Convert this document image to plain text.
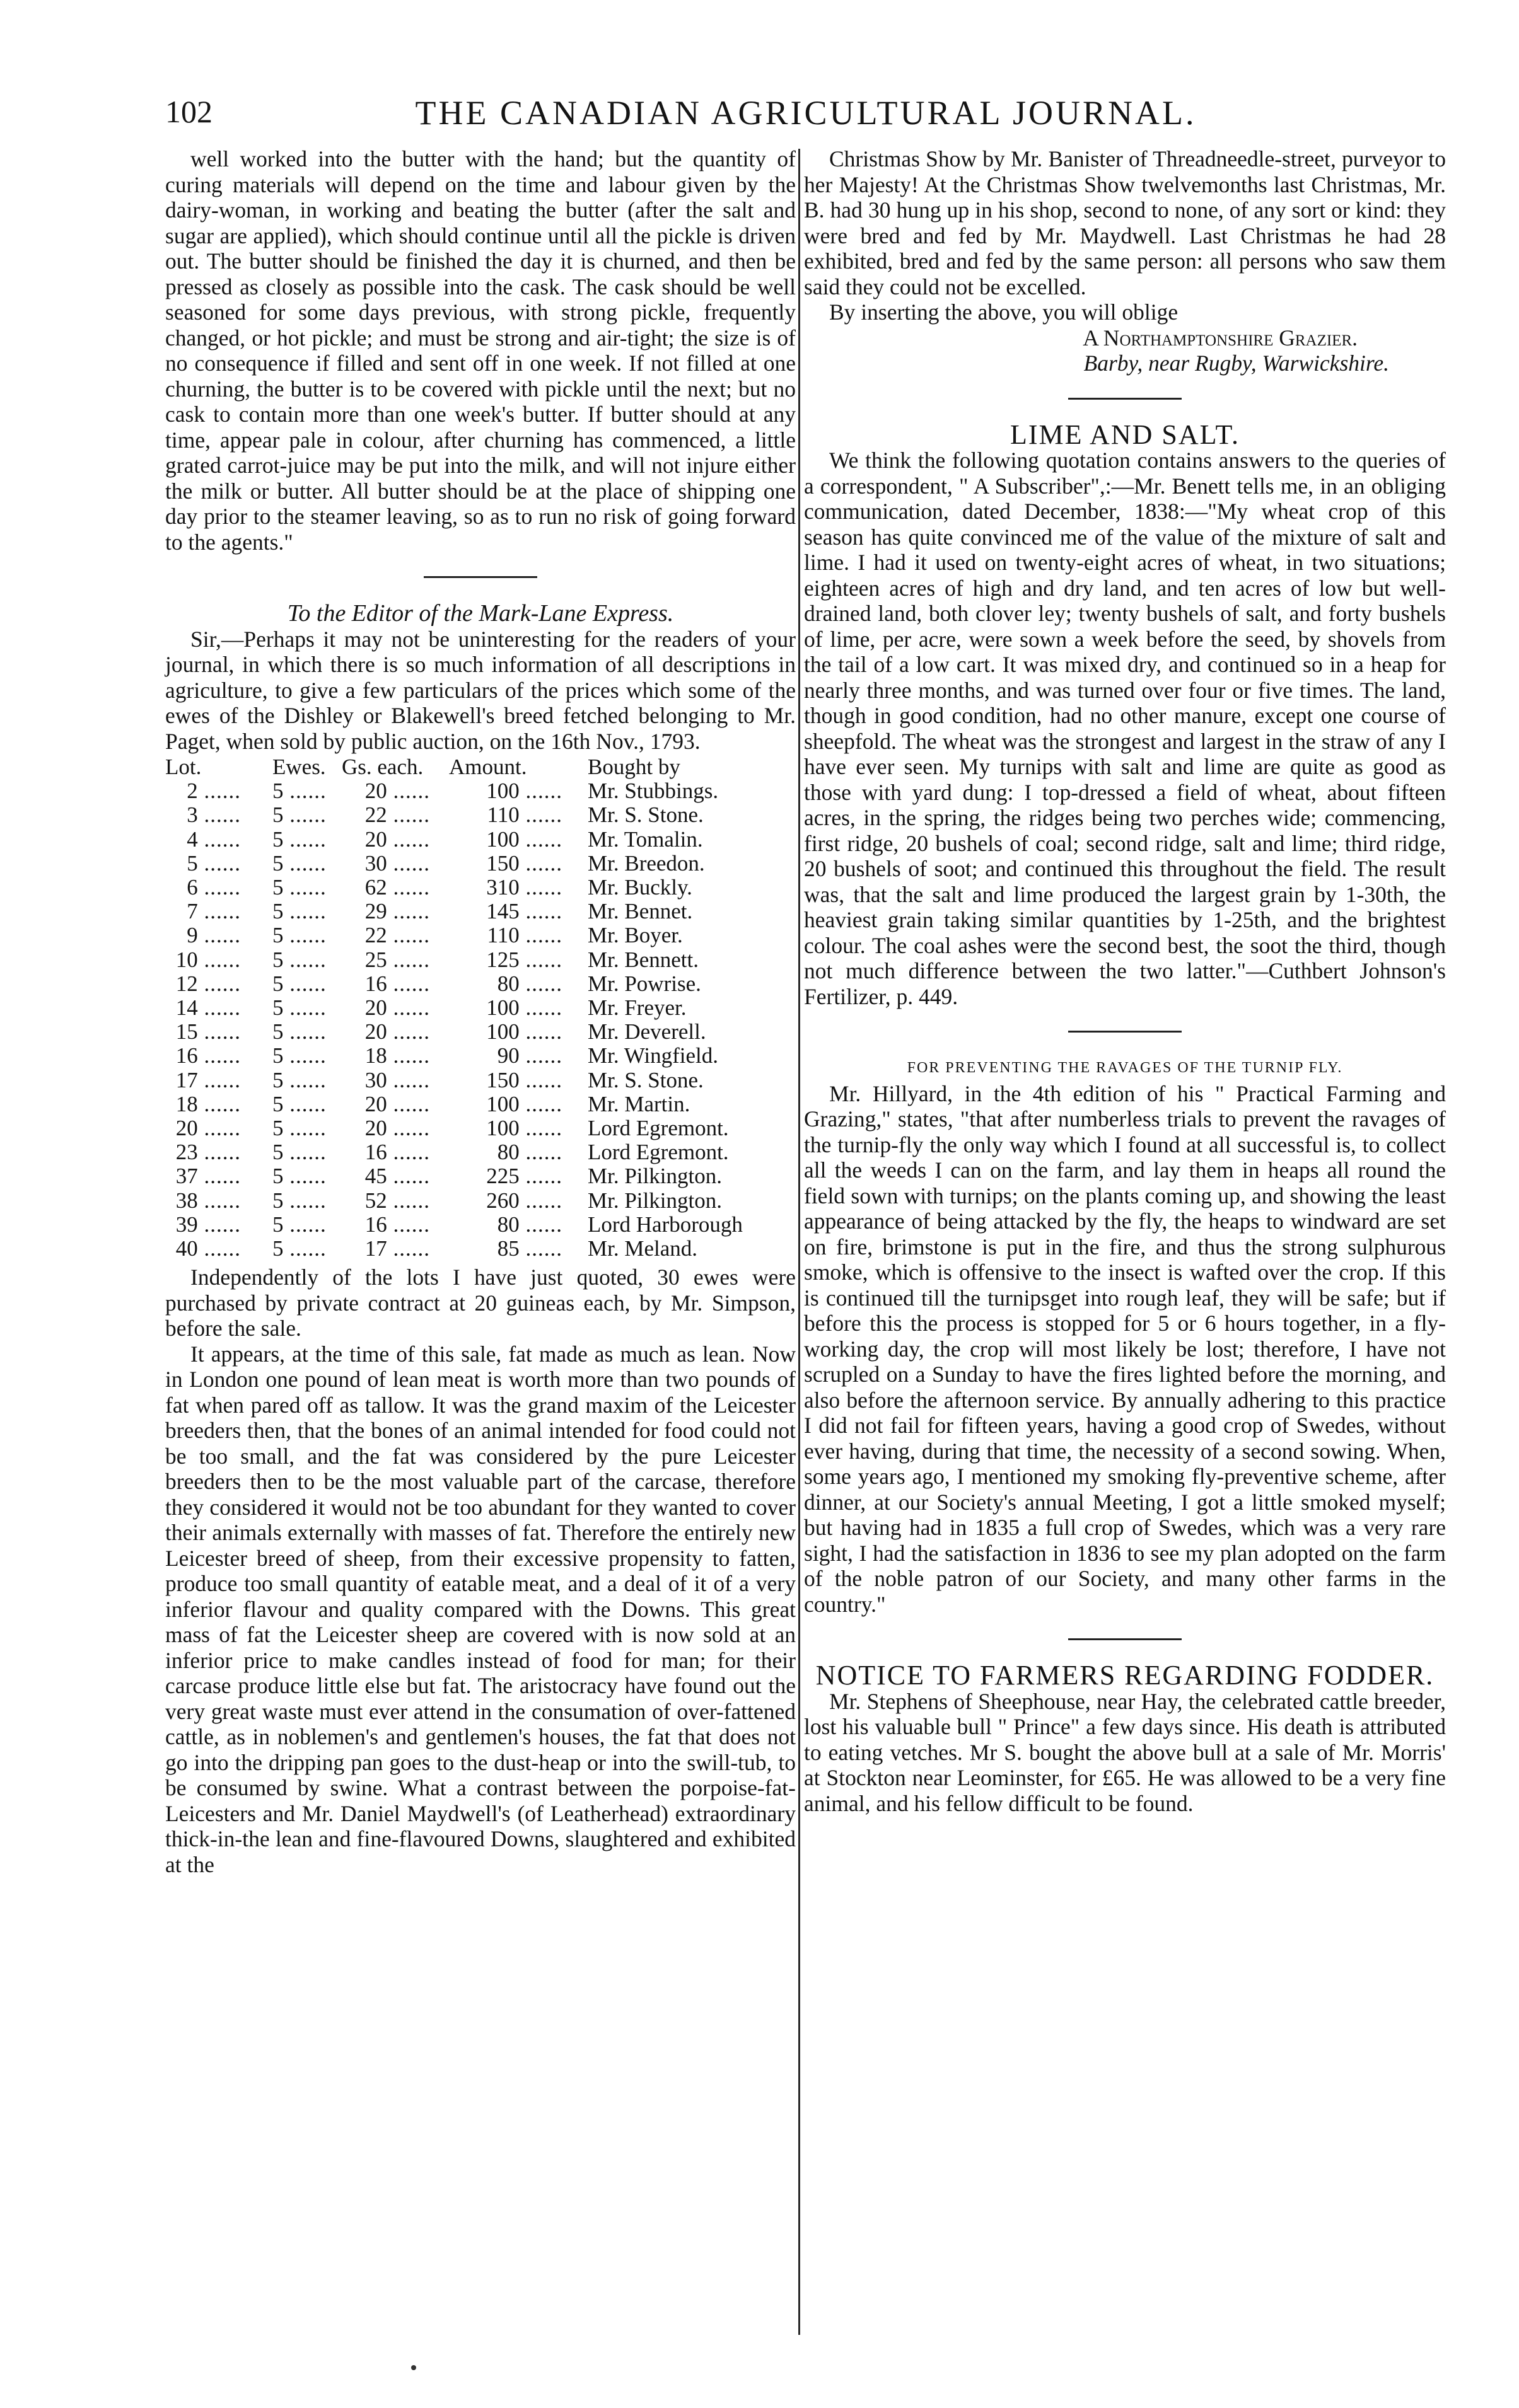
102	THE CANADIAN AGRICULTURAL JOURNAL.

well worked into the butter with the hand; but the quantity of curing materials will depend on the time and labour given by the dairy-woman, in working and beating the butter (after the salt and sugar are applied), which should continue until all the pickle is driven out. The butter should be finished the day it is churned, and then be pressed as closely as possible into the cask. The cask should be well seasoned for some days previous, with strong pickle, frequently changed, or hot pickle; and must be strong and air-tight; the size is of no consequence if filled and sent off in one week. If not filled at one churning, the butter is to be covered with pickle until the next; but no cask to contain more than one week's butter. If butter should at any time, appear pale in colour, after churning has commenced, a little grated carrot-juice may be put into the milk, and will not injure either the milk or butter. All butter should be at the place of shipping one day prior to the steamer leaving, so as to run no risk of going forward to the agents."

To the Editor of the Mark-Lane Express.

Sir,—Perhaps it may not be uninteresting for the readers of your journal, in which there is so much information of all descriptions in agriculture, to give a few particulars of the prices which some of the ewes of the Dishley or Blakewell's breed fetched belonging to Mr. Paget, when sold by public auction, on the 16th Nov., 1793.

Lot.	Ewes.	Gs. each.	Amount.	Bought by
2 ......	5 ......	20 ......	100 ......	Mr. Stubbings.
3 ......	5 ......	22 ......	110 ......	Mr. S. Stone.
4 ......	5 ......	20 ......	100 ......	Mr. Tomalin.
5 ......	5 ......	30 ......	150 ......	Mr. Breedon.
6 ......	5 ......	62 ......	310 ......	Mr. Buckly.
7 ......	5 ......	29 ......	145 ......	Mr. Bennet.
9 ......	5 ......	22 ......	110 ......	Mr. Boyer.
10 ......	5 ......	25 ......	125 ......	Mr. Bennett.
12 ......	5 ......	16 ......	80 ......	Mr. Powrise.
14 ......	5 ......	20 ......	100 ......	Mr. Freyer.
15 ......	5 ......	20 ......	100 ......	Mr. Deverell.
16 ......	5 ......	18 ......	90 ......	Mr. Wingfield.
17 ......	5 ......	30 ......	150 ......	Mr. S. Stone.
18 ......	5 ......	20 ......	100 ......	Mr. Martin.
20 ......	5 ......	20 ......	100 ......	Lord Egremont.
23 ......	5 ......	16 ......	80 ......	Lord Egremont.
37 ......	5 ......	45 ......	225 ......	Mr. Pilkington.
38 ......	5 ......	52 ......	260 ......	Mr. Pilkington.
39 ......	5 ......	16 ......	80 ......	Lord Harborough
40 ......	5 ......	17 ......	85 ......	Mr. Meland.

Independently of the lots I have just quoted, 30 ewes were purchased by private contract at 20 guineas each, by Mr. Simpson, before the sale.

It appears, at the time of this sale, fat made as much as lean. Now in London one pound of lean meat is worth more than two pounds of fat when pared off as tallow. It was the grand maxim of the Leicester breeders then, that the bones of an animal intended for food could not be too small, and the fat was considered by the pure Leicester breeders then to be the most valuable part of the carcase, therefore they considered it would not be too abundant for they wanted to cover their animals externally with masses of fat. Therefore the entirely new Leicester breed of sheep, from their excessive propensity to fatten, produce too small quantity of eatable meat, and a deal of it of a very inferior flavour and quality compared with the Downs. This great mass of fat the Leicester sheep are covered with is now sold at an inferior price to make candles instead of food for man; for their carcase produce little else but fat. The aristocracy have found out the very great waste must ever attend in the consumation of over-fattened cattle, as in noblemen's and gentlemen's houses, the fat that does not go into the dripping pan goes to the dust-heap or into the swill-tub, to be consumed by swine. What a contrast between the porpoise-fat-Leicesters and Mr. Daniel Maydwell's (of Leatherhead) extraordinary thick-in-the lean and fine-flavoured Downs, slaughtered and exhibited at the

Christmas Show by Mr. Banister of Threadneedle-street, purveyor to her Majesty! At the Christmas Show twelvemonths last Christmas, Mr. B. had 30 hung up in his shop, second to none, of any sort or kind: they were bred and fed by Mr. Maydwell. Last Christmas he had 28 exhibited, bred and fed by the same person: all persons who saw them said they could not be excelled.

By inserting the above, you will oblige

A Northamptonshire Grazier.

Barby, near Rugby, Warwickshire.

LIME AND SALT.

We think the following quotation contains answers to the queries of a correspondent, " A Subscriber",:—Mr. Benett tells me, in an obliging communication, dated December, 1838:—"My wheat crop of this season has quite convinced me of the value of the mixture of salt and lime. I had it used on twenty-eight acres of wheat, in two situations; eighteen acres of high and dry land, and ten acres of low but well-drained land, both clover ley; twenty bushels of salt, and forty bushels of lime, per acre, were sown a week before the seed, by shovels from the tail of a low cart. It was mixed dry, and continued so in a heap for nearly three months, and was turned over four or five times. The land, though in good condition, had no other manure, except one course of sheepfold. The wheat was the strongest and largest in the straw of any I have ever seen. My turnips with salt and lime are quite as good as those with yard dung: I top-dressed a field of wheat, about fifteen acres, in the spring, the ridges being two perches wide; commencing, first ridge, 20 bushels of coal; second ridge, salt and lime; third ridge, 20 bushels of soot; and continued this throughout the field. The result was, that the salt and lime produced the largest grain by 1-30th, the heaviest grain taking similar quantities by 1-25th, and the brightest colour. The coal ashes were the second best, the soot the third, though not much difference between the two latter."—Cuthbert Johnson's Fertilizer, p. 449.

FOR PREVENTING THE RAVAGES OF THE TURNIP FLY.

Mr. Hillyard, in the 4th edition of his " Practical Farming and Grazing," states, "that after numberless trials to prevent the ravages of the turnip-fly the only way which I found at all successful is, to collect all the weeds I can on the farm, and lay them in heaps all round the field sown with turnips; on the plants coming up, and showing the least appearance of being attacked by the fly, the heaps to windward are set on fire, brimstone is put in the fire, and thus the strong sulphurous smoke, which is offensive to the insect is wafted over the crop. If this is continued till the turnipsget into rough leaf, they will be safe; but if before this the process is stopped for 5 or 6 hours together, in a fly-working day, the crop will most likely be lost; therefore, I have not scrupled on a Sunday to have the fires lighted before the morning, and also before the afternoon service. By annually adhering to this practice I did not fail for fifteen years, having a good crop of Swedes, without ever having, during that time, the necessity of a second sowing. When, some years ago, I mentioned my smoking fly-preventive scheme, after dinner, at our Society's annual Meeting, I got a little smoked myself; but having had in 1835 a full crop of Swedes, which was a very rare sight, I had the satisfaction in 1836 to see my plan adopted on the farm of the noble patron of our Society, and many other farms in the country."

NOTICE TO FARMERS REGARDING FODDER.

Mr. Stephens of Sheephouse, near Hay, the celebrated cattle breeder, lost his valuable bull " Prince" a few days since. His death is attributed to eating vetches. Mr S. bought the above bull at a sale of Mr. Morris' at Stockton near Leominster, for £65. He was allowed to be a very fine animal, and his fellow difficult to be found.
